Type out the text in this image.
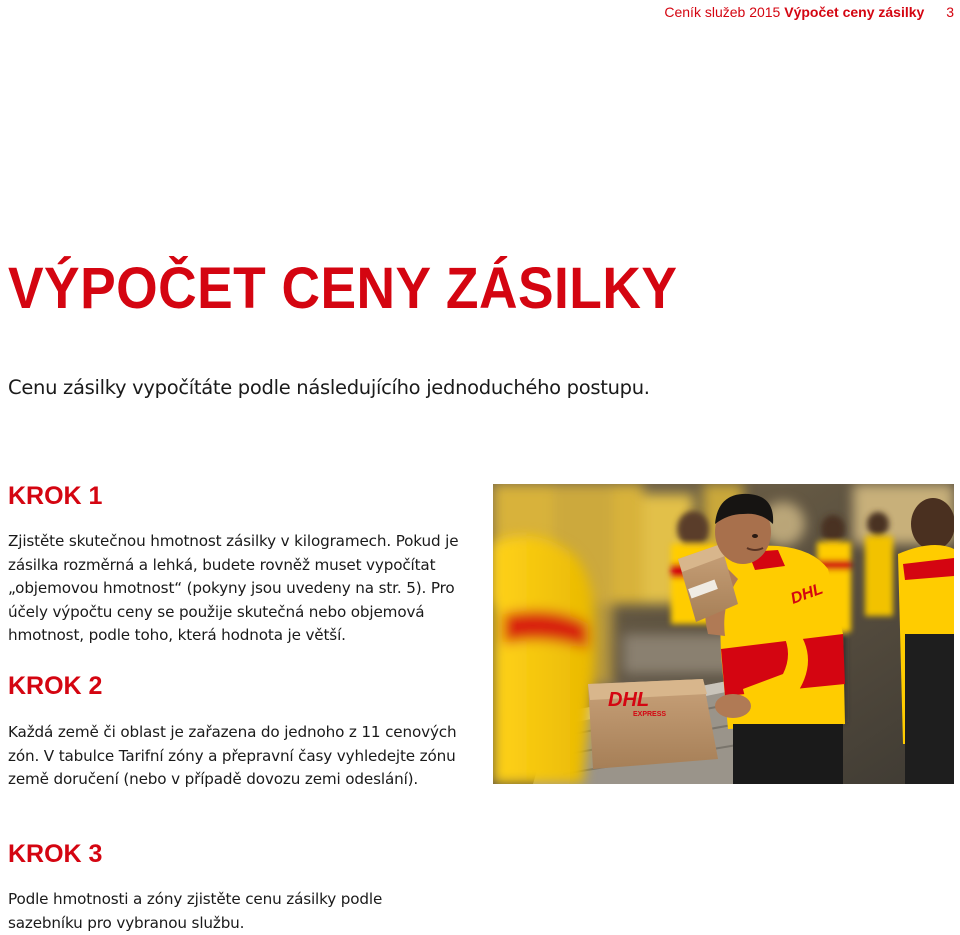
Ceník služeb 2015 Výpočet ceny zásilky 3
VÝPOČET CENY ZÁSILKY

Cenu zásilky vypočítáte podle následujícího jednoduchého postupu.

KROK 1

Zjistěte skutečnou hmotnost zásilky v kilogramech. Pokud je zásilka rozměrná a lehká, budete rovněž muset vypočítat „objemovou hmotnost“ (pokyny jsou uvedeny na str. 5). Pro účely výpočtu ceny se použije skutečná nebo objemová hmotnost, podle toho, která hodnota je větší.

KROK 2

Každá země či oblast je zařazena do jednoho z 11 cenových zón. V tabulce Tarifní zóny a přepravní časy vyhledejte zónu země doručení (nebo v případě dovozu zemi odeslání).

KROK 3

Podle hmotnosti a zóny zjistěte cenu zásilky podle sazebníku pro vybranou službu.

DHL
EXPRESS
DHL
